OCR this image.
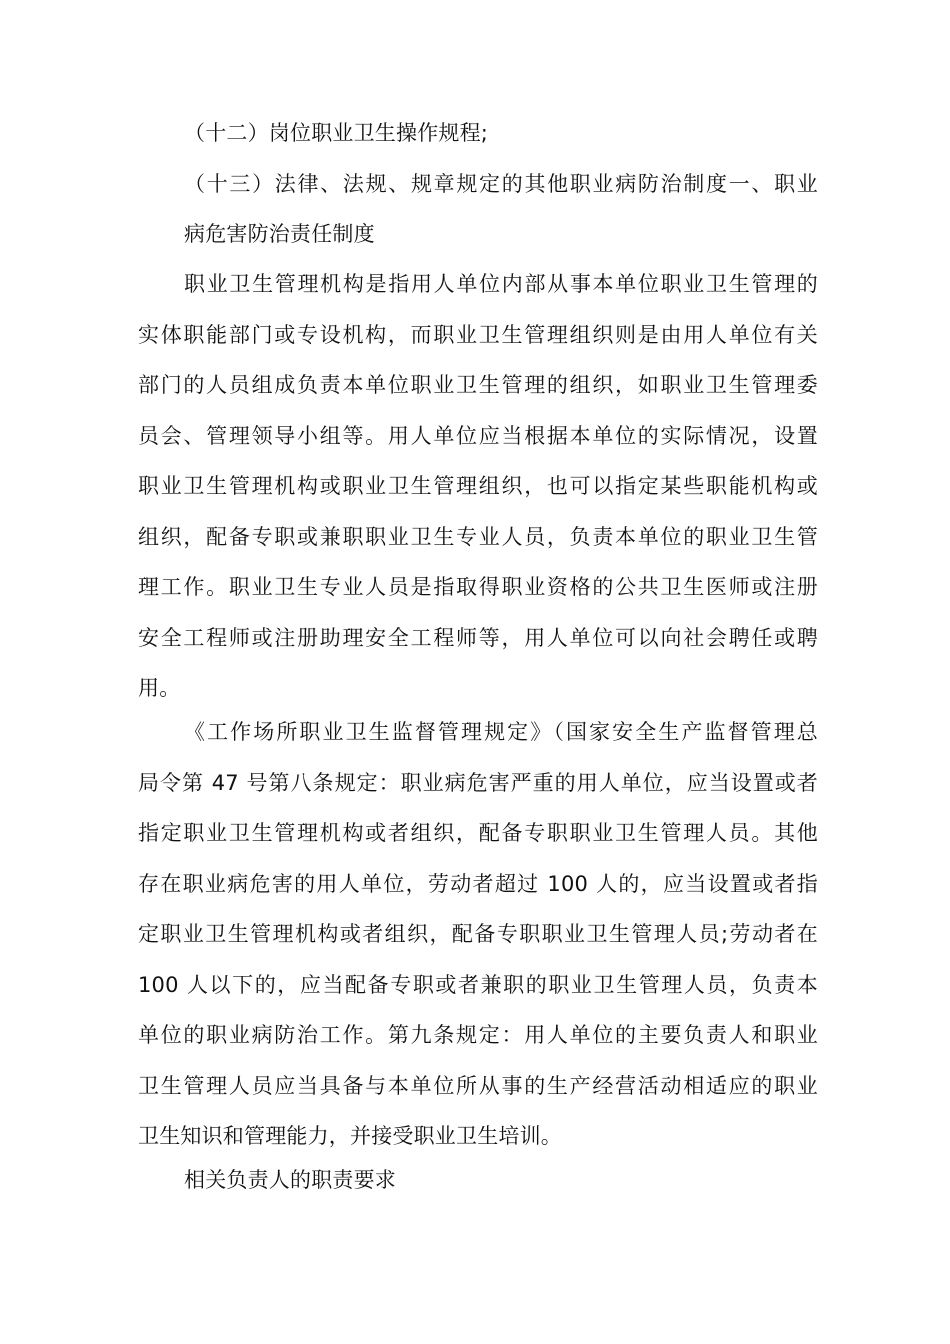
（十二）岗位职业卫生操作规程;
（十三）法律、法规、规章规定的其他职业病防治制度一、职业
病危害防治责任制度
职业卫生管理机构是指用人单位内部从事本单位职业卫生管理的
实体职能部门或专设机构，而职业卫生管理组织则是由用人单位有关
部门的人员组成负责本单位职业卫生管理的组织，如职业卫生管理委
员会、管理领导小组等。用人单位应当根据本单位的实际情况，设置
职业卫生管理机构或职业卫生管理组织，也可以指定某些职能机构或
组织，配备专职或兼职职业卫生专业人员，负责本单位的职业卫生管
理工作。职业卫生专业人员是指取得职业资格的公共卫生医师或注册
安全工程师或注册助理安全工程师等，用人单位可以向社会聘任或聘
用。
《工作场所职业卫生监督管理规定》（国家安全生产监督管理总
局令第 47 号第八条规定：职业病危害严重的用人单位，应当设置或者
指定职业卫生管理机构或者组织，配备专职职业卫生管理人员。其他
存在职业病危害的用人单位，劳动者超过 100 人的，应当设置或者指
定职业卫生管理机构或者组织，配备专职职业卫生管理人员;劳动者在
100 人以下的，应当配备专职或者兼职的职业卫生管理人员，负责本
单位的职业病防治工作。第九条规定：用人单位的主要负责人和职业
卫生管理人员应当具备与本单位所从事的生产经营活动相适应的职业
卫生知识和管理能力，并接受职业卫生培训。
相关负责人的职责要求
